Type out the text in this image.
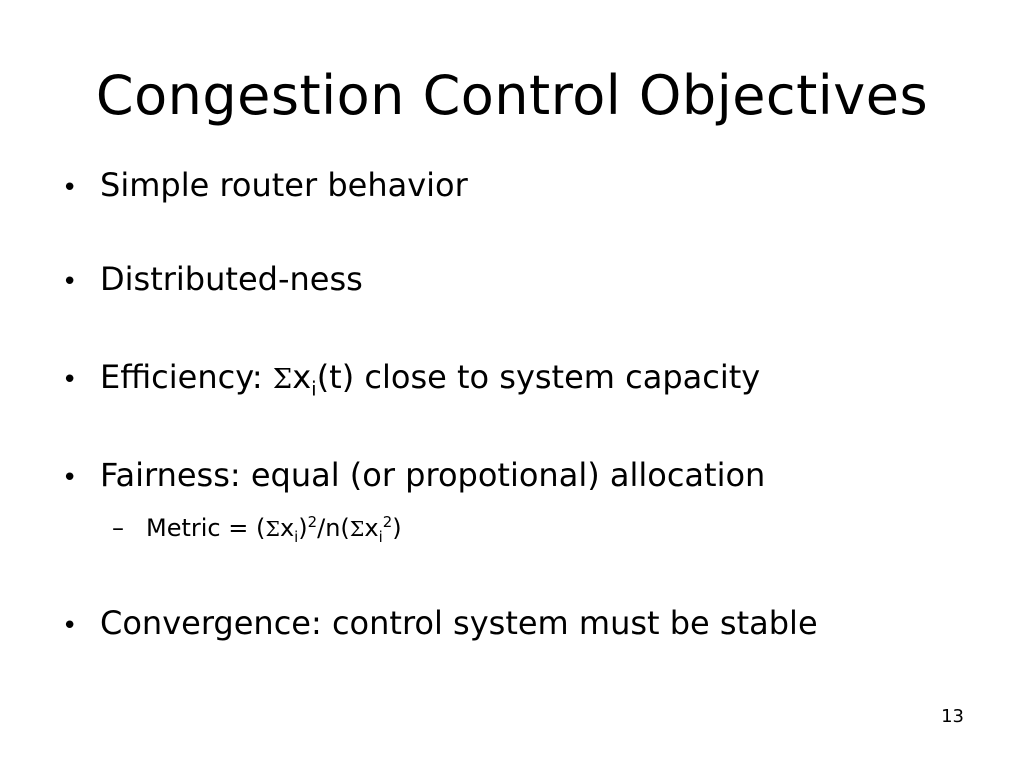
Congestion Control Objectives
• Simple router behavior
• Distributed-ness
• Efficiency: $\Sigma x_i(t)$ close to system capacity
• Fairness: equal (or propotional) allocation
– Metric = $(\Sigma x_i)^2/n(\Sigma x_i^2)$
• Convergence: control system must be stable
13
